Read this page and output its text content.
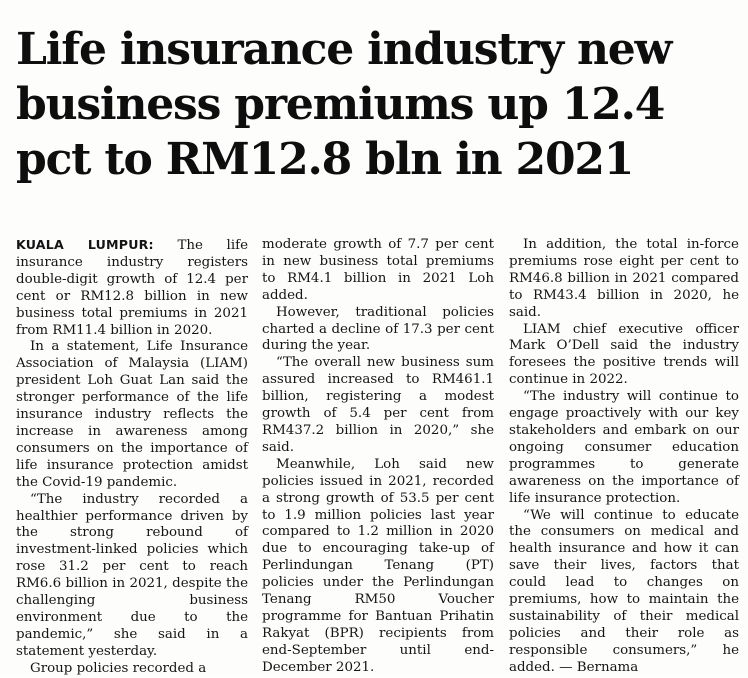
Life insurance industry new
business premiums up 12.4
pct to RM12.8 bln in 2021

KUALA LUMPUR: The life insurance industry registers double-digit growth of 12.4 per cent or RM12.8 billion in new business total premiums in 2021 from RM11.4 billion in 2020.

In a statement, Life Insurance Association of Malaysia (LIAM) president Loh Guat Lan said the stronger performance of the life insurance industry reflects the increase in awareness among consumers on the importance of life insurance protection amidst the Covid-19 pandemic.

“The industry recorded a healthier performance driven by the strong rebound of investment-linked policies which rose 31.2 per cent to reach RM6.6 billion in 2021, despite the challenging business environment due to the pandemic,” she said in a statement yesterday.

Group policies recorded a

moderate growth of 7.7 per cent in new business total premiums to RM4.1 billion in 2021 Loh added.

However, traditional policies charted a decline of 17.3 per cent during the year.

“The overall new business sum assured increased to RM461.1 billion, registering a modest growth of 5.4 per cent from RM437.2 billion in 2020,” she said.

Meanwhile, Loh said new policies issued in 2021, recorded a strong growth of 53.5 per cent to 1.9 million policies last year compared to 1.2 million in 2020 due to encouraging take-up of Perlindungan Tenang (PT) policies under the Perlindungan Tenang RM50 Voucher programme for Bantuan Prihatin Rakyat (BPR) recipients from end-September until end-December 2021.

In addition, the total in-force premiums rose eight per cent to RM46.8 billion in 2021 compared to RM43.4 billion in 2020, he said.

LIAM chief executive officer Mark O’Dell said the industry foresees the positive trends will continue in 2022.

“The industry will continue to engage proactively with our key stakeholders and embark on our ongoing consumer education programmes to generate awareness on the importance of life insurance protection.

“We will continue to educate the consumers on medical and health insurance and how it can save their lives, factors that could lead to changes on premiums, how to maintain the sustainability of their medical policies and their role as responsible consumers,” he added. — Bernama
